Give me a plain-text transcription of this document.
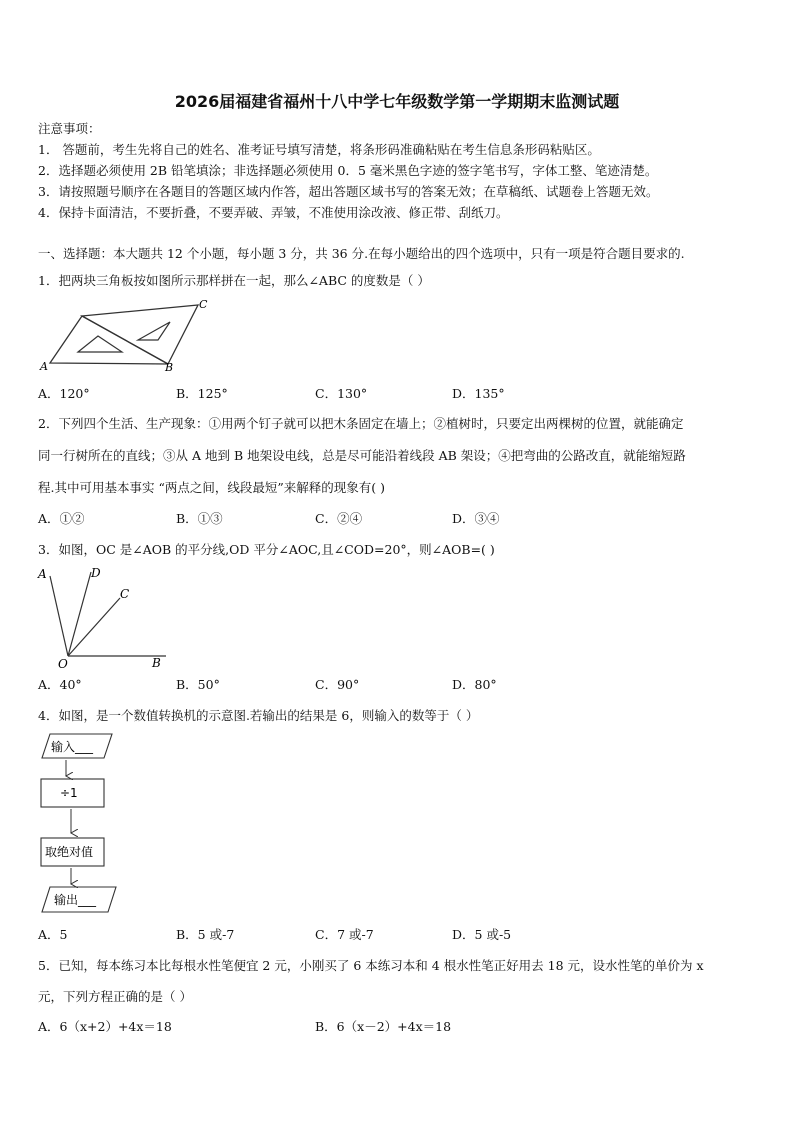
2026届福建省福州十八中学七年级数学第一学期期末监测试题
注意事项：
1． 答题前，考生先将自己的姓名、准考证号填写清楚，将条形码准确粘贴在考生信息条形码粘贴区。
2．选择题必须使用 2B 铅笔填涂；非选择题必须使用 0．5 毫米黑色字迹的签字笔书写，字体工整、笔迹清楚。
3．请按照题号顺序在各题目的答题区域内作答，超出答题区域书写的答案无效；在草稿纸、试题卷上答题无效。
4．保持卡面清洁，不要折叠，不要弄破、弄皱，不准使用涂改液、修正带、刮纸刀。
一、选择题：本大题共 12 个小题，每小题 3 分，共 36 分.在每小题给出的四个选项中，只有一项是符合题目要求的.
1．把两块三角板按如图所示那样拼在一起，那么∠ABC 的度数是（ ）
A	B
C
A．120°	B．125°	C．130°	D．135°
2．下列四个生活、生产现象：①用两个钉子就可以把木条固定在墙上；②植树时，只要定出两棵树的位置，就能确定
同一行树所在的直线；③从 A 地到 B 地架设电线，总是尽可能沿着线段 AB 架设；④把弯曲的公路改直，就能缩短路
程.其中可用基本事实 “两点之间，线段最短”来解释的现象有( )
A．①②	B．①③	C．②④	D．③④
3．如图，OC 是∠AOB 的平分线,OD 平分∠AOC,且∠COD=20°，则∠AOB=( )
A	D
C
O	B
A．40°	B．50°	C．90°	D．80°
4．如图，是一个数值转换机的示意图.若输出的结果是 6，则输入的数等于（ ）
输入___
÷1
取绝对值
输出___
A．5	B．5 或-7	C．7 或-7	D．5 或-5
5．已知，每本练习本比每根水性笔便宜 2 元，小刚买了 6 本练习本和 4 根水性笔正好用去 18 元，设水性笔的单价为 x
元，下列方程正确的是（ ）
A．6（x+2）+4x＝18	B．6（x－2）+4x＝18
